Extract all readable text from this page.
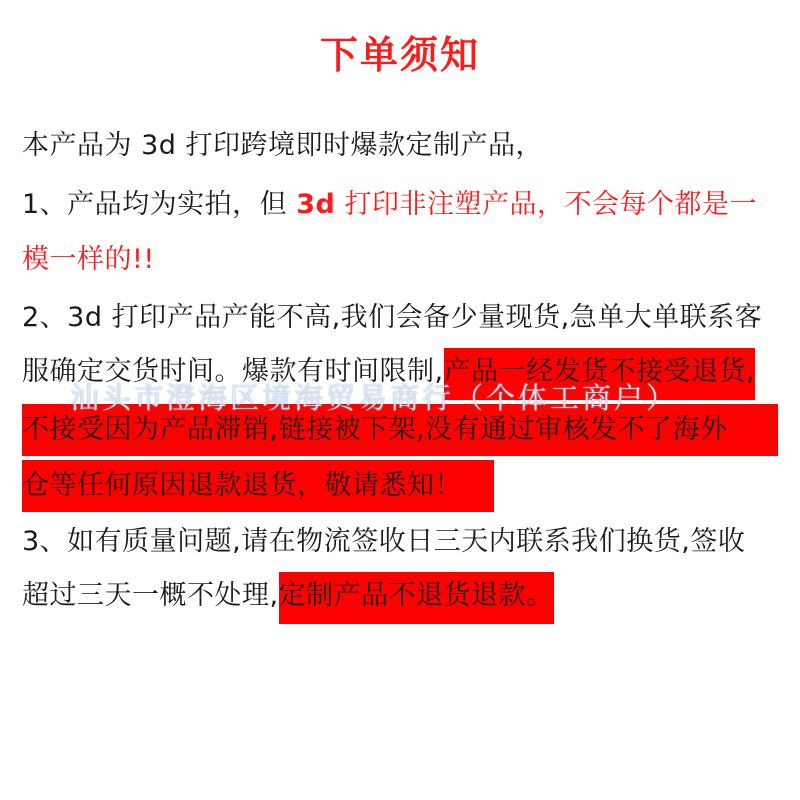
下单须知
本产品为 3d 打印跨境即时爆款定制产品，
1、产品均为实拍，但 3d 打印非注塑产品，不会每个都是一
模一样的!!
2、3d 打印产品产能不高,我们会备少量现货,急单大单联系客
服确定交货时间。爆款有时间限制,产品一经发货不接受退货,
不接受因为产品滞销,链接被下架,没有通过审核发不了海外
仓等任何原因退款退货，敬请悉知！
3、如有质量问题,请在物流签收日三天内联系我们换货,签收
超过三天一概不处理,定制产品不退货退款。
汕头市澄海区境海贸易商行（个体工商户）
